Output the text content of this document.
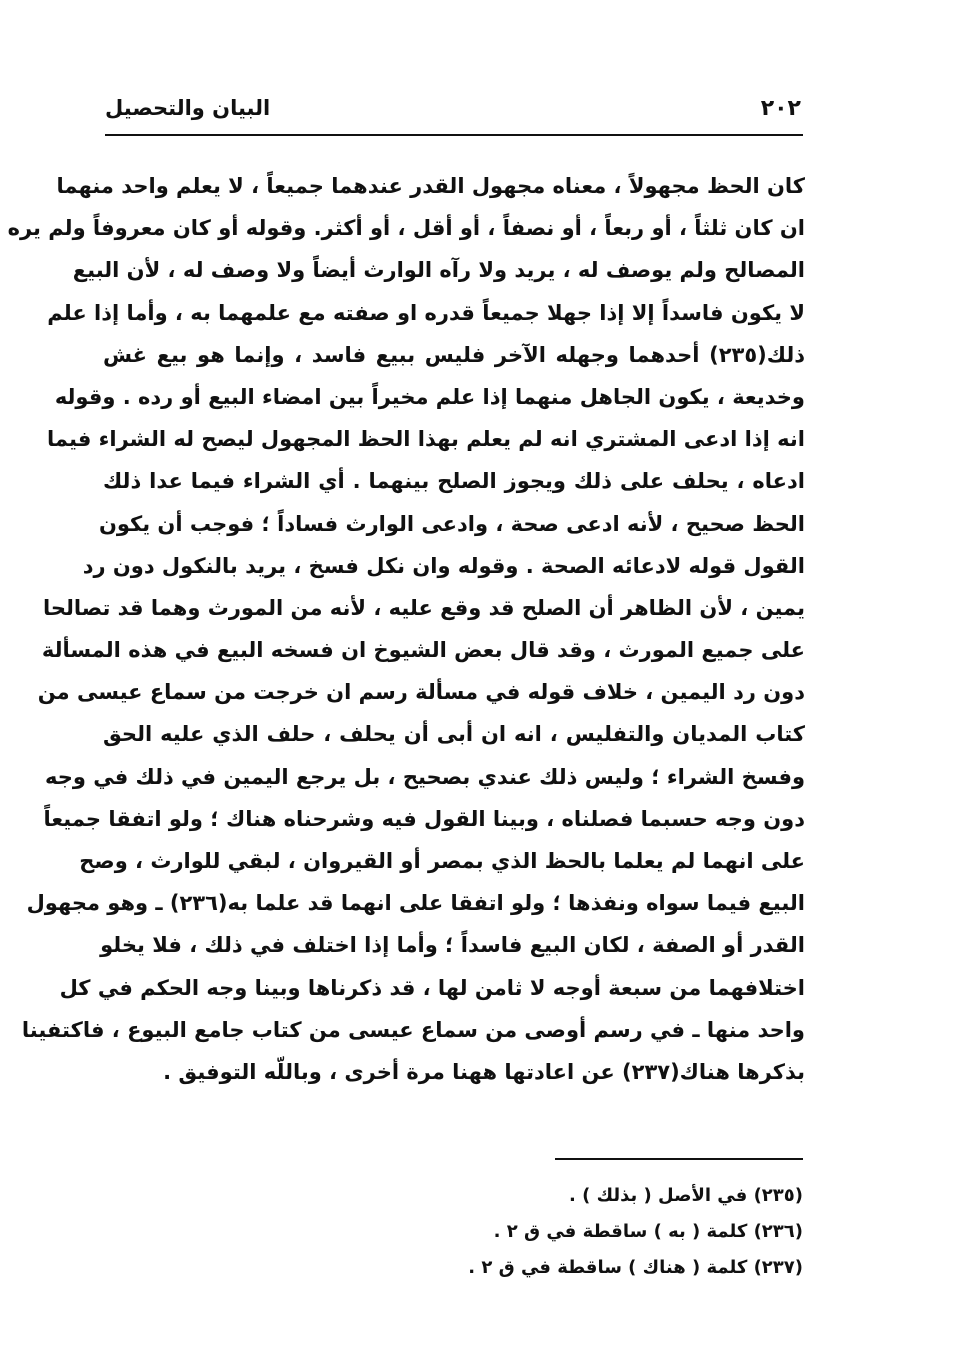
٢٠٢
البيان والتحصيل
كان الحظ مجهولاً ، معناه مجهول القدر عندهما جميعاً ، لا يعلم واحد منهما
ان كان ثلثاً ، أو ربعاً ، أو نصفاً ، أو أقل ، أو أكثر. وقوله أو كان معروفاً ولم يره
المصالح ولم يوصف له ، يريد ولا رآه الوارث أيضاً ولا وصف له ، لأن البيع
لا يكون فاسداً إلا إذا جهلا جميعاً قدره او صفته مع علمهما به ، وأما إذا علم
ذلك(٢٣٥) أحدهما وجهله الآخر فليس ببيع فاسد ، وإنما هو بيع غش
وخديعة ، يكون الجاهل منهما إذا علم مخيراً بين امضاء البيع أو رده . وقوله
انه إذا ادعى المشتري انه لم يعلم بهذا الحظ المجهول ليصح له الشراء فيما
ادعاه ، يحلف على ذلك ويجوز الصلح بينهما . أي الشراء فيما عدا ذلك
الحظ صحيح ، لأنه ادعى صحة ، وادعى الوارث فساداً ؛ فوجب أن يكون
القول قوله لادعائه الصحة . وقوله وان نكل فسخ ، يريد بالنكول دون رد
يمين ، لأن الظاهر أن الصلح قد وقع عليه ، لأنه من المورث وهما قد تصالحا
على جميع المورث ، وقد قال بعض الشيوخ ان فسخه البيع في هذه المسألة
دون رد اليمين ، خلاف قوله في مسألة رسم ان خرجت من سماع عيسى من
كتاب المديان والتفليس ، انه ان أبى أن يحلف ، حلف الذي عليه الحق
وفسخ الشراء ؛ وليس ذلك عندي بصحيح ، بل يرجع اليمين في ذلك في وجه
دون وجه حسبما فصلناه ، وبينا القول فيه وشرحناه هناك ؛ ولو اتفقا جميعاً
على انهما لم يعلما بالحظ الذي بمصر أو القيروان ، لبقي للوارث ، وصح
البيع فيما سواه ونفذها ؛ ولو اتفقا على انهما قد علما به(٢٣٦) ـ وهو مجهول
القدر أو الصفة ، لكان البيع فاسداً ؛ وأما إذا اختلف في ذلك ، فلا يخلو
اختلافهما من سبعة أوجه لا ثامن لها ، قد ذكرناها وبينا وجه الحكم في كل
واحد منها ـ في رسم أوصى من سماع عيسى من كتاب جامع البيوع ، فاكتفينا
بذكرها هناك(٢٣٧) عن اعادتها ههنا مرة أخرى ، وباللّه التوفيق .
(٢٣٥) في الأصل ( بذلك ) .
(٢٣٦) كلمة ( به ) ساقطة في ق ٢ .
(٢٣٧) كلمة ( هناك ) ساقطة في ق ٢ .
